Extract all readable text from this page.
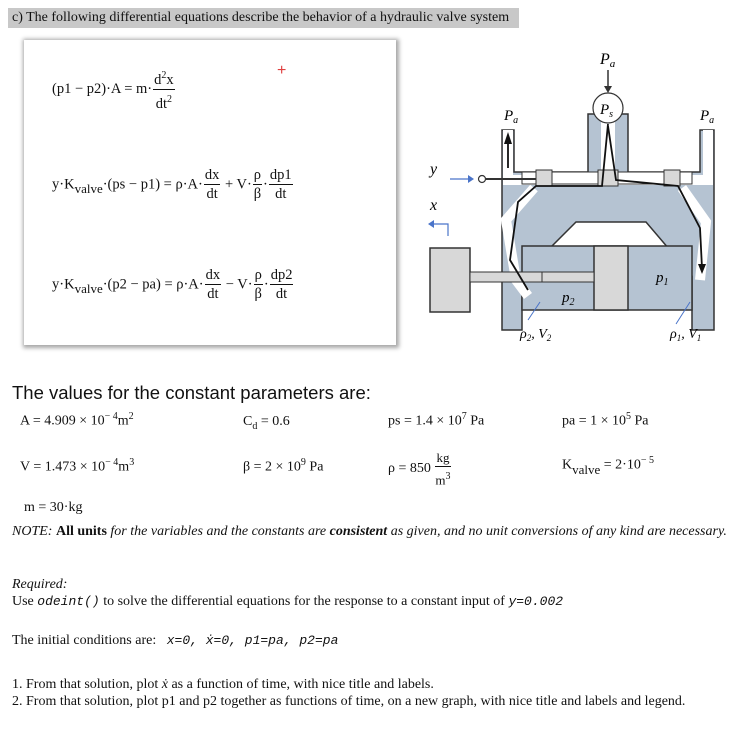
c) The following differential equations describe the behavior of a hydraulic valve system
$(p1 - p2)\cdot A = m\cdot \frac{d^2x}{dt^2}$	+
y·Kvalve·(ps − $p1) = \rho\cdot A\cdot \frac{dx}{dt} + V\cdot \frac{\rho}{\beta} \cdot \frac{dp1}{dt}$
y·Kvalve·(p2 − $pa) = \rho\cdot A\cdot \frac{dx}{dt} - V\cdot \frac{\rho}{\beta} \cdot \frac{dp2}{dt}$
Pa
$P_s$
$P_a$	$P_a$
$p_1$
$p_2$
y
x
$\rho_2$, $V_2$	$\rho_1$, $V_1$
The values for the constant parameters are:
$A = 4.909 \times 10^{- 4}m^2$	$C_d = 0.6$	ps = $1.4 \times 10^7$ Pa	pa = $1 \times 10^5$ Pa
$V = 1.473 \times 10^{- 4}m^3$	$\beta = 2 \times 10^9$ Pa	$\rho = 850 \frac{kg}{m^3}$	Kvalve = $2\cdot 10^{- 5}$
m = 30·kg
NOTE: All units for the variables and the constants are consistent as given, and no unit conversions of any kind are necessary.
Required:
Use odeint() to solve the differential equations for the response to a constant input of y=0.002
The initial conditions are: x=0, ẋ=0, p1=pa, p2=pa
1. From that solution, plot ẋ as a function of time, with nice title and labels.
2. From that solution, plot p1 and p2 together as functions of time, on a new graph, with nice title and labels and legend.
